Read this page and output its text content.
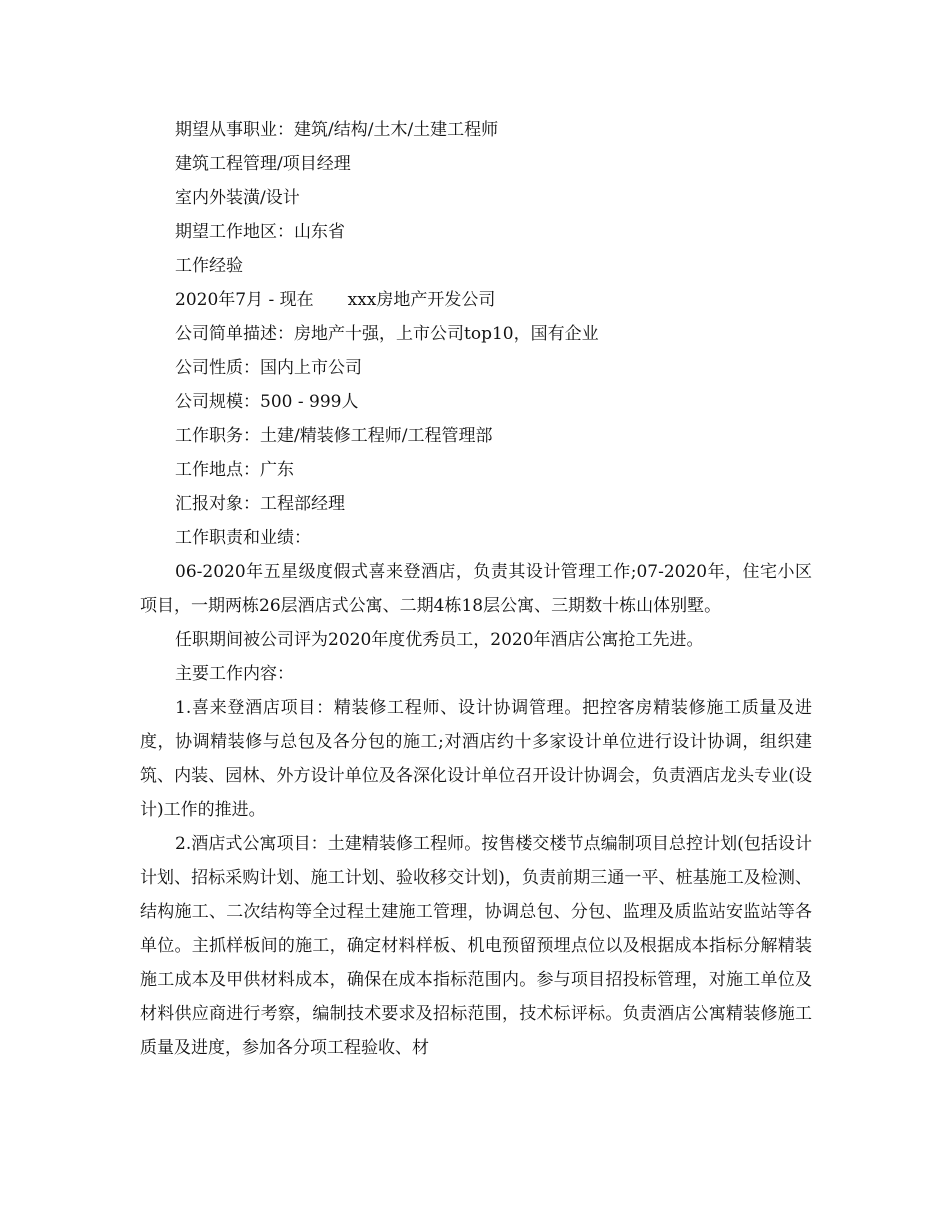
期望从事职业：建筑/结构/土木/土建工程师

建筑工程管理/项目经理

室内外装潢/设计

期望工作地区：山东省

工作经验

2020年7月 - 现在　　xxx房地产开发公司

公司简单描述：房地产十强，上市公司top10，国有企业

公司性质：国内上市公司

公司规模：500 - 999人

工作职务：土建/精装修工程师/工程管理部

工作地点：广东

汇报对象：工程部经理

工作职责和业绩：

06-2020年五星级度假式喜来登酒店，负责其设计管理工作;07-2020年，住宅小区项目，一期两栋26层酒店式公寓、二期4栋18层公寓、三期数十栋山体别墅。

任职期间被公司评为2020年度优秀员工，2020年酒店公寓抢工先进。

主要工作内容：

1.喜来登酒店项目：精装修工程师、设计协调管理。把控客房精装修施工质量及进度，协调精装修与总包及各分包的施工;对酒店约十多家设计单位进行设计协调，组织建筑、内装、园林、外方设计单位及各深化设计单位召开设计协调会，负责酒店龙头专业(设计)工作的推进。

2.酒店式公寓项目：土建精装修工程师。按售楼交楼节点编制项目总控计划(包括设计计划、招标采购计划、施工计划、验收移交计划)，负责前期三通一平、桩基施工及检测、结构施工、二次结构等全过程土建施工管理，协调总包、分包、监理及质监站安监站等各单位。主抓样板间的施工，确定材料样板、机电预留预埋点位以及根据成本指标分解精装施工成本及甲供材料成本，确保在成本指标范围内。参与项目招投标管理，对施工单位及材料供应商进行考察，编制技术要求及招标范围，技术标评标。负责酒店公寓精装修施工质量及进度，参加各分项工程验收、材
